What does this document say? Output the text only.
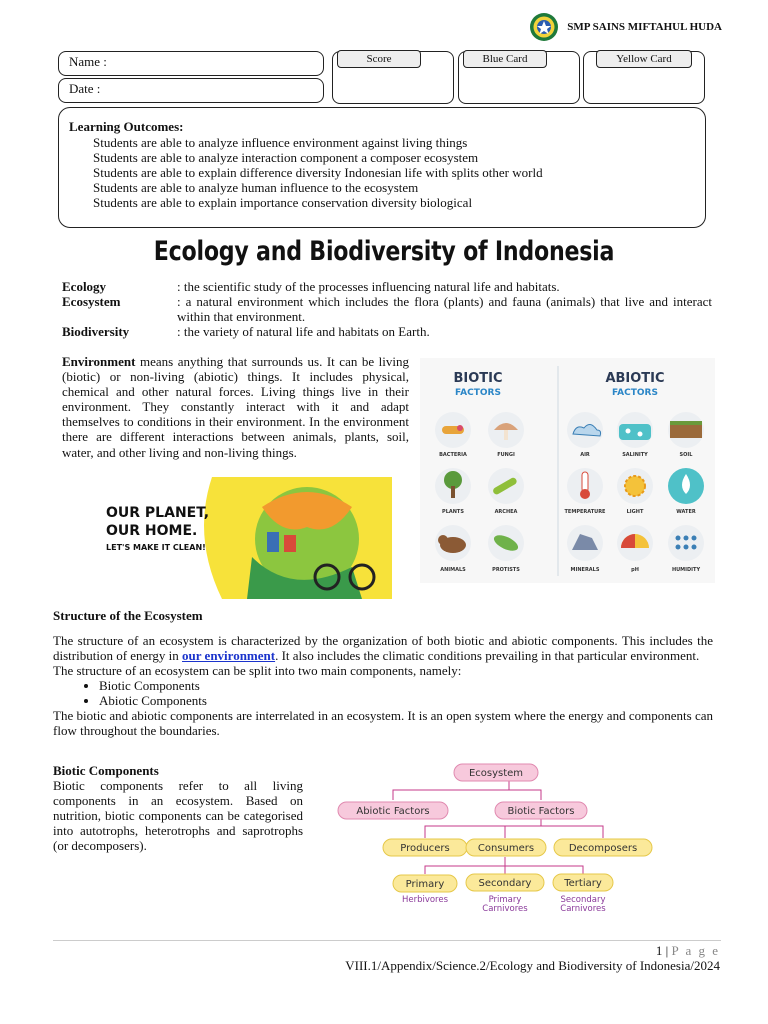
SMP SAINS MIFTAHUL HUDA
Name :
Date :
Score	Blue Card	Yellow Card
Learning Outcomes:
Students are able to analyze influence environment against living things
Students are able to analyze interaction component a composer ecosystem
Students are able to explain difference diversity Indonesian life with splits other world
Students are able to analyze human influence to the ecosystem
Students are able to explain importance conservation diversity biological
Ecology and Biodiversity of Indonesia
Ecology	: the scientific study of the processes influencing natural life and habitats.
Ecosystem	: a natural environment which includes the flora (plants) and fauna (animals) that live and interact within that environment.
Biodiversity	: the variety of natural life and habitats on Earth.
Environment means anything that surrounds us. It can be living (biotic) or non-living (abiotic) things. It includes physical, chemical and other natural forces. Living things live in their environment. They constantly interact with it and adapt themselves to conditions in their environment. In the environment there are different interactions between animals, plants, soil, water, and other living and non-living things.
BIOTIC
FACTORS
ABIOTIC
FACTORS
BACTERIA	FUNGI
PLANTS	ARCHEA
ANIMALS	PROTISTS
AIR	SALINITY	SOIL
TEMPERATURE	LIGHT	WATER
MINERALS	pH	HUMIDITY
OUR PLANET,
OUR HOME.
LET'S MAKE IT CLEAN!
Structure of the Ecosystem

The structure of an ecosystem is characterized by the organization of both biotic and abiotic components. This includes the distribution of energy in our environment. It also includes the climatic conditions prevailing in that particular environment.

The structure of an ecosystem can be split into two main components, namely:

• Biotic Components
• Abiotic Components

The biotic and abiotic components are interrelated in an ecosystem. It is an open system where the energy and components can flow throughout the boundaries.

Biotic Components

Biotic components refer to all living components in an ecosystem. Based on nutrition, biotic components can be categorised into autotrophs, heterotrophs and saprotrophs (or decomposers).

Ecosystem
Abiotic Factors	Biotic Factors
Producers	Consumers	Decomposers
Primary	Secondary	Tertiary
Herbivores	Primary
Carnivores
Secondary
Carnivores
1 | P a g e
VIII.1/Appendix/Science.2/Ecology and Biodiversity of Indonesia/2024
